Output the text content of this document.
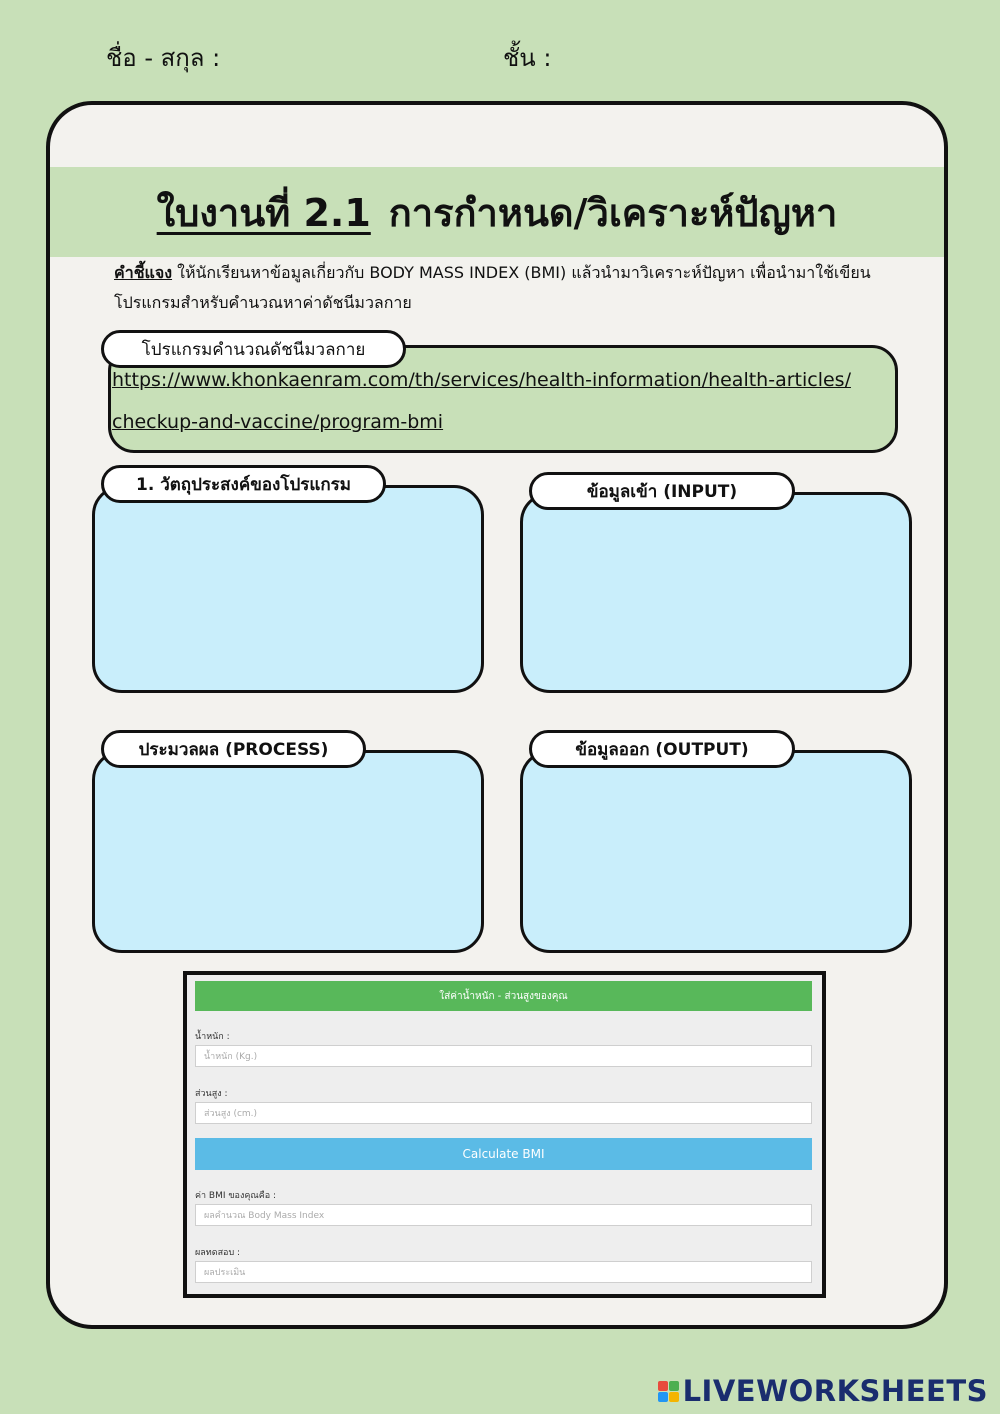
ชื่อ - สกุล :	ชั้น :
ใบงานที่ 2.1 การกำหนด/วิเคราะห์ปัญหา
คำชี้แจง ให้นักเรียนหาข้อมูลเกี่ยวกับ BODY MASS INDEX (BMI) แล้วนำมาวิเคราะห์ปัญหา เพื่อนำมาใช้เขียนโปรแกรมสำหรับคำนวณหาค่าดัชนีมวลกาย
โปรแกรมคำนวณดัชนีมวลกาย
https://www.khonkaenram.com/th/services/health-information/health-articles/checkup-and-vaccine/program-bmi
1. วัตถุประสงค์ของโปรแกรม	ข้อมูลเข้า (INPUT)
ประมวลผล (PROCESS)	ข้อมูลออก (OUTPUT)
ใส่ค่าน้ำหนัก - ส่วนสูงของคุณ
น้ำหนัก :
น้ำหนัก (Kg.)
ส่วนสูง :
ส่วนสูง (cm.)
Calculate BMI
ค่า BMI ของคุณคือ :
ผลคำนวณ Body Mass Index
ผลทดสอบ :
ผลประเมิน
LIVEWORKSHEETS
